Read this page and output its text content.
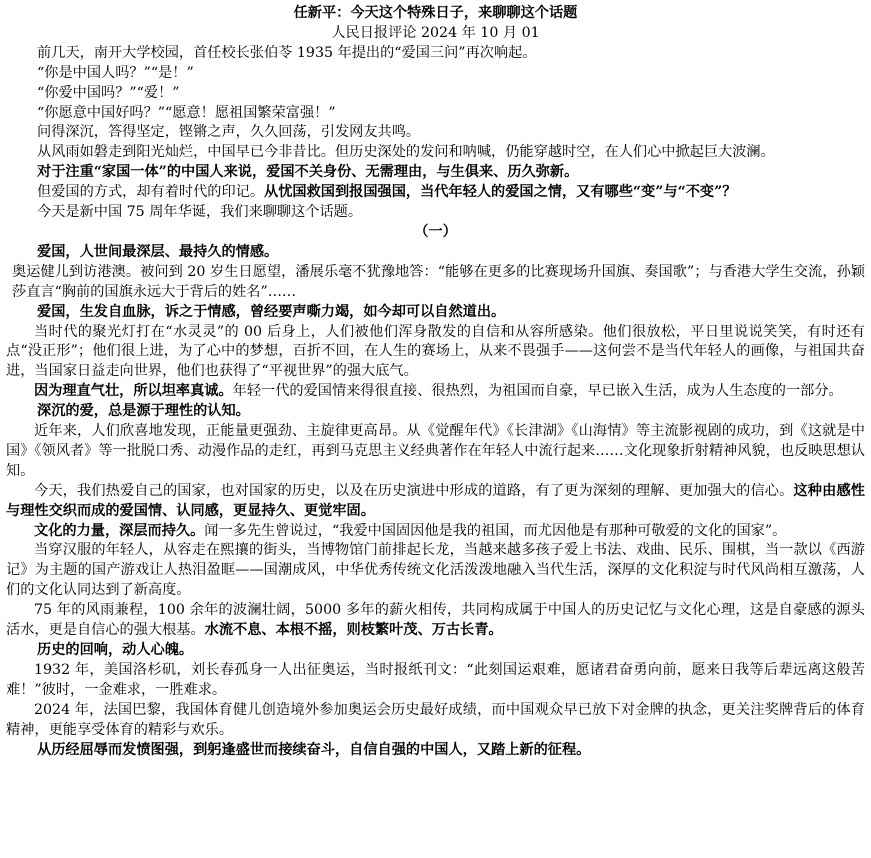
任新平：今天这个特殊日子，来聊聊这个话题

人民日报评论 2024 年 10 月 01

前几天，南开大学校园，首任校长张伯苓 1935 年提出的“爱国三问”再次响起。

“你是中国人吗？”“是！”

“你爱中国吗？”“爱！”

“你愿意中国好吗？”“愿意！愿祖国繁荣富强！”

问得深沉，答得坚定，铿锵之声，久久回荡，引发网友共鸣。

从风雨如磐走到阳光灿烂，中国早已今非昔比。但历史深处的发问和呐喊，仍能穿越时空，在人们心中掀起巨大波澜。

对于注重“家国一体”的中国人来说，爱国不关身份、无需理由，与生俱来、历久弥新。

但爱国的方式，却有着时代的印记。从忧国救国到报国强国，当代年轻人的爱国之情，又有哪些“变”与“不变”？

今天是新中国 75 周年华诞，我们来聊聊这个话题。

（一）

爱国，人世间最深层、最持久的情感。

奥运健儿到访港澳。被问到 20 岁生日愿望，潘展乐毫不犹豫地答：“能够在更多的比赛现场升国旗、奏国歌”；与香港大学生交流，孙颖莎直言“胸前的国旗永远大于背后的姓名”……

爱国，生发自血脉，诉之于情感，曾经要声嘶力竭，如今却可以自然道出。

当时代的聚光灯打在“水灵灵”的 00 后身上，人们被他们浑身散发的自信和从容所感染。他们很放松，平日里说说笑笑，有时还有点“没正形”；他们很上进，为了心中的梦想，百折不回，在人生的赛场上，从来不畏强手——这何尝不是当代年轻人的画像，与祖国共奋进，当国家日益走向世界，他们也获得了“平视世界”的强大底气。

因为理直气壮，所以坦率真诚。年轻一代的爱国情来得很直接、很热烈，为祖国而自豪，早已嵌入生活，成为人生态度的一部分。

深沉的爱，总是源于理性的认知。

近年来，人们欣喜地发现，正能量更强劲、主旋律更高昂。从《觉醒年代》《长津湖》《山海情》等主流影视剧的成功，到《这就是中国》《领风者》等一批脱口秀、动漫作品的走红，再到马克思主义经典著作在年轻人中流行起来……文化现象折射精神风貌，也反映思想认知。

今天，我们热爱自己的国家，也对国家的历史，以及在历史演进中形成的道路，有了更为深刻的理解、更加强大的信心。这种由感性与理性交织而成的爱国情、认同感，更显持久、更觉牢固。

文化的力量，深层而持久。闻一多先生曾说过，“我爱中国固因他是我的祖国，而尤因他是有那种可敬爱的文化的国家”。

当穿汉服的年轻人，从容走在熙攘的街头，当博物馆门前排起长龙，当越来越多孩子爱上书法、戏曲、民乐、围棋，当一款以《西游记》为主题的国产游戏让人热泪盈眶——国潮成风，中华优秀传统文化活泼泼地融入当代生活，深厚的文化积淀与时代风尚相互激荡，人们的文化认同达到了新高度。

75 年的风雨兼程，100 余年的波澜壮阔，5000 多年的薪火相传，共同构成属于中国人的历史记忆与文化心理，这是自豪感的源头活水，更是自信心的强大根基。水流不息、本根不摇，则枝繁叶茂、万古长青。

历史的回响，动人心魄。

1932 年，美国洛杉矶，刘长春孤身一人出征奥运，当时报纸刊文：“此刻国运艰难，愿诸君奋勇向前，愿来日我等后辈远离这般苦难！”彼时，一金难求，一胜难求。

2024 年，法国巴黎，我国体育健儿创造境外参加奥运会历史最好成绩，而中国观众早已放下对金牌的执念，更关注奖牌背后的体育精神，更能享受体育的精彩与欢乐。

从历经屈辱而发愤图强，到躬逢盛世而接续奋斗，自信自强的中国人，又踏上新的征程。
